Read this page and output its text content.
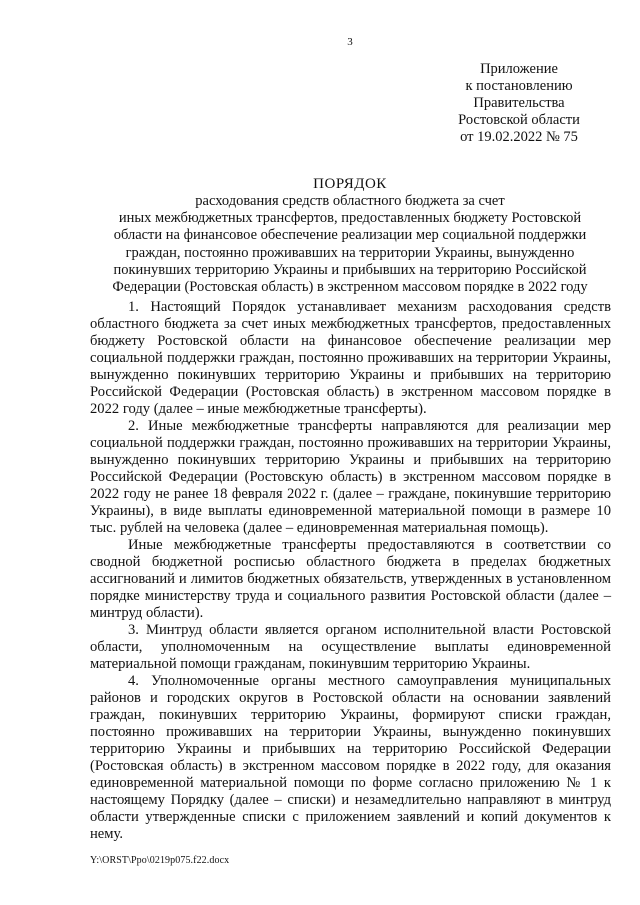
3
Приложение
к постановлению
Правительства
Ростовской области
от 19.02.2022 № 75
ПОРЯДОК
расходования средств областного бюджета за счет
иных межбюджетных трансфертов, предоставленных бюджету Ростовской
области на финансовое обеспечение реализации мер социальной поддержки
граждан, постоянно проживавших на территории Украины, вынужденно
покинувших территорию Украины и прибывших на территорию Российской
Федерации (Ростовская область) в экстренном массовом порядке в 2022 году

1. Настоящий Порядок устанавливает механизм расходования средств областного бюджета за счет иных межбюджетных трансфертов, предоставленных бюджету Ростовской области на финансовое обеспечение реализации мер социальной поддержки граждан, постоянно проживавших на территории Украины, вынужденно покинувших территорию Украины и прибывших на территорию Российской Федерации (Ростовская область) в экстренном массовом порядке в 2022 году (далее – иные межбюджетные трансферты).

2. Иные межбюджетные трансферты направляются для реализации мер социальной поддержки граждан, постоянно проживавших на территории Украины, вынужденно покинувших территорию Украины и прибывших на территорию Российской Федерации (Ростовскую область) в экстренном массовом порядке в 2022 году не ранее 18 февраля 2022 г. (далее – граждане, покинувшие территорию Украины), в виде выплаты единовременной материальной помощи в размере 10 тыс. рублей на человека (далее – единовременная материальная помощь).

Иные межбюджетные трансферты предоставляются в соответствии со сводной бюджетной росписью областного бюджета в пределах бюджетных ассигнований и лимитов бюджетных обязательств, утвержденных в установленном порядке министерству труда и социального развития Ростовской области (далее – минтруд области).

3. Минтруд области является органом исполнительной власти Ростовской области, уполномоченным на осуществление выплаты единовременной материальной помощи гражданам, покинувшим территорию Украины.

4. Уполномоченные органы местного самоуправления муниципальных районов и городских округов в Ростовской области на основании заявлений граждан, покинувших территорию Украины, формируют списки граждан, постоянно проживавших на территории Украины, вынужденно покинувших территорию Украины и прибывших на территорию Российской Федерации (Ростовская область) в экстренном массовом порядке в 2022 году, для оказания единовременной материальной помощи по форме согласно приложению № 1 к настоящему Порядку (далее – списки) и незамедлительно направляют в минтруд области утвержденные списки с приложением заявлений и копий документов к нему.

Y:\ORST\Ppo\0219p075.f22.docx
